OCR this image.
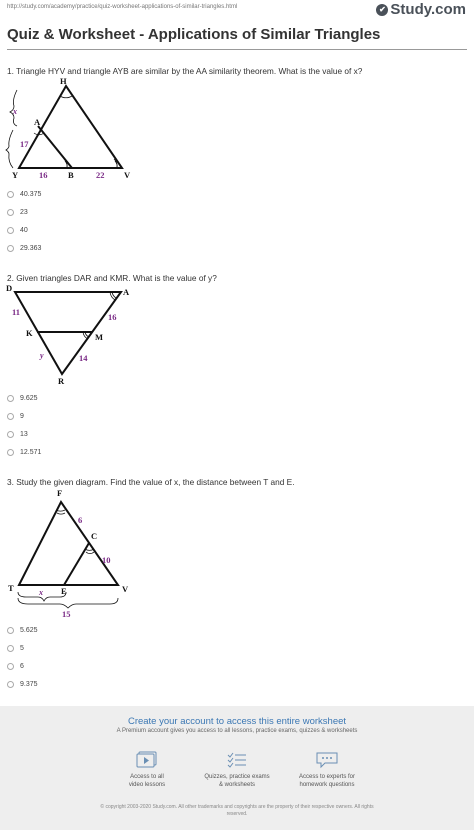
http://study.com/academy/practice/quiz-worksheet-applications-of-similar-triangles.html	✔ Study.com
Quiz & Worksheet - Applications of Similar Triangles
1. Triangle HYV and triangle AYB are similar by the AA similarity theorem. What is the value of x?
H
A
Y	B	V
x
17
16	22
40.375
23
40
29.363
2. Given triangles DAR and KMR. What is the value of y?
D	A
K	M
R
11	16
y	14
9.625
9
13
12.571
3. Study the given diagram. Find the value of x, the distance between T and E.
F
C
T	E	V
6
10
x
15
5.625
5
6
9.375
Create your account to access this entire worksheet
A Premium account gives you access to all lessons, practice exams, quizzes & worksheets
Access to all
video lessons
Quizzes, practice exams
& worksheets
Access to experts for
homework questions
© copyright 2003-2020 Study.com. All other trademarks and copyrights are the property of their respective owners. All rights
reserved.
